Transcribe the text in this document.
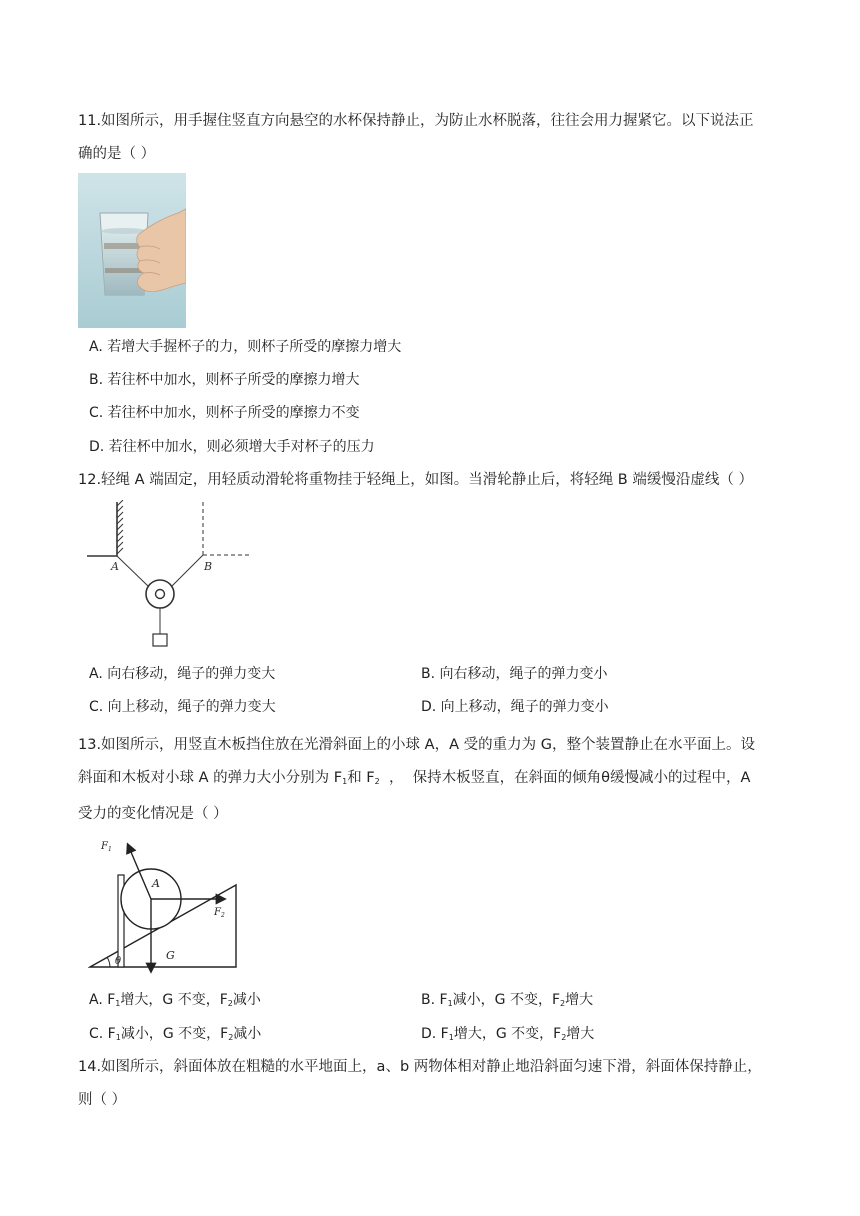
11.如图所示，用手握住竖直方向悬空的水杯保持静止，为防止水杯脱落，往往会用力握紧它。以下说法正
确的是（ ）
A. 若增大手握杯子的力，则杯子所受的摩擦力增大
B. 若往杯中加水，则杯子所受的摩擦力增大
C. 若往杯中加水，则杯子所受的摩擦力不变
D. 若往杯中加水，则必须增大手对杯子的压力
12.轻绳 A 端固定，用轻质动滑轮将重物挂于轻绳上，如图。当滑轮静止后，将轻绳 B 端缓慢沿虚线（ ）
A	B
A. 向右移动，绳子的弹力变大	B. 向右移动，绳子的弹力变小
C. 向上移动，绳子的弹力变大	D. 向上移动，绳子的弹力变小
13.如图所示，用竖直木板挡住放在光滑斜面上的小球 A，A 受的重力为 G，整个装置静止在水平面上。设
斜面和木板对小球 A 的弹力大小分别为 $F_1$和 $F_2$  ，  保持木板竖直，在斜面的倾角θ缓慢减小的过程中，A
受力的变化情况是（ ）
$F_1$
A
$F_2$
G
θ
A. $F_1$增大，G 不变，$F_2$减小	B. $F_1$减小，G 不变，$F_2$增大
C. $F_1$减小，G 不变，$F_2$减小	D. $F_1$增大，G 不变，$F_2$增大
14.如图所示，斜面体放在粗糙的水平地面上，a、b 两物体相对静止地沿斜面匀速下滑，斜面体保持静止，
则（ ）
